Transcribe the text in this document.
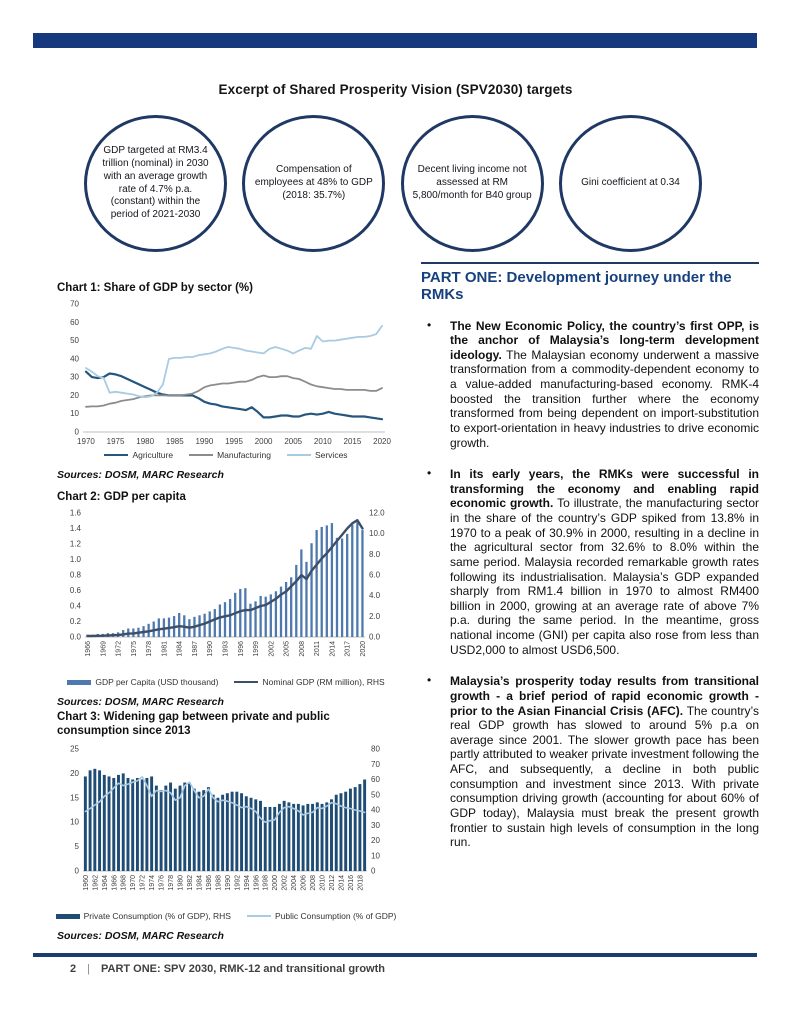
Excerpt of Shared Prosperity Vision (SPV2030) targets
GDP targeted at RM3.4 trillion (nominal) in 2030 with an average growth rate of 4.7% p.a. (constant) within the period of 2021-2030
Compensation of employees at 48% to GDP (2018: 35.7%)
Decent living income not assessed at RM 5,800/month for B40 group
Gini coefficient at 0.34
Chart 1: Share of GDP by sector (%)
0
10
20
30
40
50
60
70
1970 1975 1980 1985 1990 1995 2000 2005 2010 2015 2020
Agriculture	Manufacturing	Services
Sources: DOSM, MARC Research
Chart 2: GDP per capita
0.0
0.2
0.4
0.6
0.8
1.0
1.2
1.4
1.6
0.0
2.0
4.0
6.0
8.0
10.0
12.0
1966 1969 1972 1975 1978 1981 1984 1987 1990 1993 1996 1999 2002 2005 2008 2011 2014 2017 2020
GDP per Capita (USD thousand)	Nominal GDP (RM million), RHS
Sources: DOSM, MARC Research
Chart 3: Widening gap between private and public consumption since 2013
0
5
10
15
20
25
0
10
20
30
40
50
60
70
80
1960 1962 1964 1966 1968 1970 1972 1974 1976 1978 1980 1982 1984 1986 1988 1990 1992 1994 1996 1998 2000 2002 2004 2006 2008 2010 2012 2014 2016 2018
Private Consumption (% of GDP), RHS	Public Consumption (% of GDP)
Sources: DOSM, MARC Research
PART ONE: Development journey under the RMKs
• The New Economic Policy, the country’s first OPP, is the anchor of Malaysia’s long-term development ideology. The Malaysian economy underwent a massive transformation from a commodity-dependent economy to a value-added manufacturing-based economy. RMK-4 boosted the transition further where the economy transformed from being dependent on import-substitution to export-orientation in heavy industries to drive economic growth.
• In its early years, the RMKs were successful in transforming the economy and enabling rapid economic growth. To illustrate, the manufacturing sector in the share of the country’s GDP spiked from 13.8% in 1970 to a peak of 30.9% in 2000, resulting in a decline in the agricultural sector from 32.6% to 8.0% within the same period. Malaysia recorded remarkable growth rates following its industrialisation. Malaysia’s GDP expanded sharply from RM1.4 billion in 1970 to almost RM400 billion in 2000, growing at an average rate of above 7% p.a. during the same period. In the meantime, gross national income (GNI) per capita also rose from less than USD2,000 to almost USD6,500.
• Malaysia’s prosperity today results from transitional growth - a brief period of rapid economic growth - prior to the Asian Financial Crisis (AFC). The country’s real GDP growth has slowed to around 5% p.a on average since 2001. The slower growth pace has been partly attributed to weaker private investment following the AFC, and subsequently, a decline in both public consumption and investment since 2013. With private consumption driving growth (accounting for about 60% of GDP today), Malaysia must break the present growth frontier to sustain high levels of consumption in the long run.
2 | PART ONE: SPV 2030, RMK-12 and transitional growth
